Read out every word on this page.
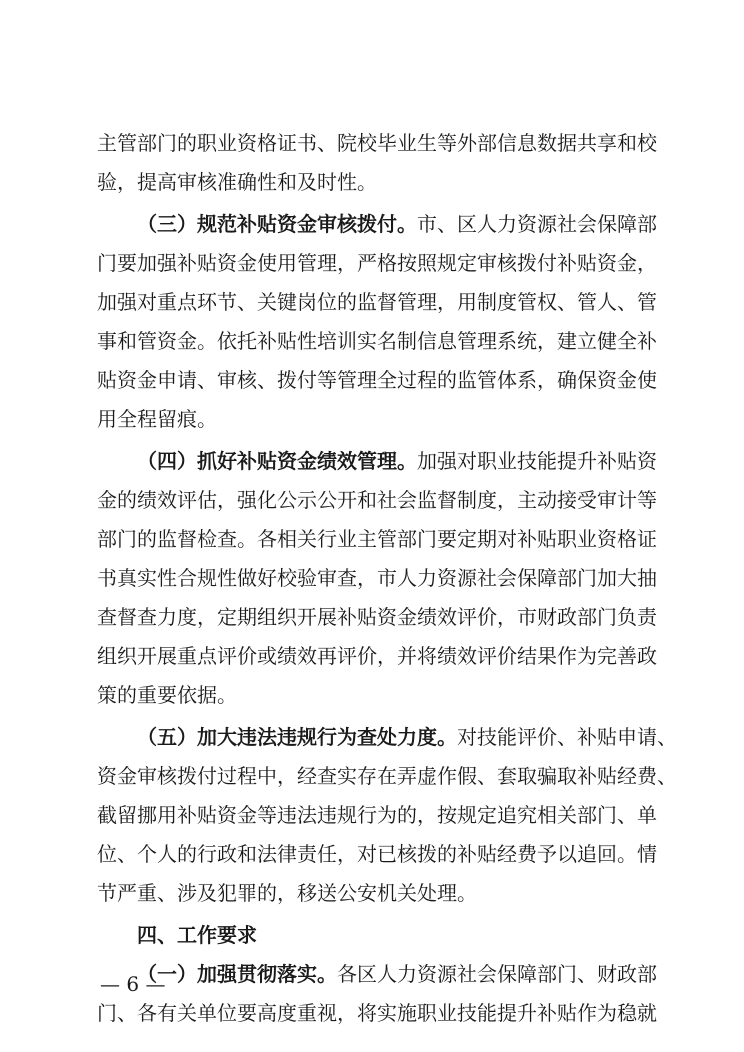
主管部门的职业资格证书、院校毕业生等外部信息数据共享和校
验，提高审核准确性和及时性。
（三）规范补贴资金审核拨付。市、区人力资源社会保障部
门要加强补贴资金使用管理，严格按照规定审核拨付补贴资金，
加强对重点环节、关键岗位的监督管理，用制度管权、管人、管
事和管资金。依托补贴性培训实名制信息管理系统，建立健全补
贴资金申请、审核、拨付等管理全过程的监管体系，确保资金使
用全程留痕。
（四）抓好补贴资金绩效管理。加强对职业技能提升补贴资
金的绩效评估，强化公示公开和社会监督制度，主动接受审计等
部门的监督检查。各相关行业主管部门要定期对补贴职业资格证
书真实性合规性做好校验审查，市人力资源社会保障部门加大抽
查督查力度，定期组织开展补贴资金绩效评价，市财政部门负责
组织开展重点评价或绩效再评价，并将绩效评价结果作为完善政
策的重要依据。
（五）加大违法违规行为查处力度。对技能评价、补贴申请、
资金审核拨付过程中，经查实存在弄虚作假、套取骗取补贴经费、
截留挪用补贴资金等违法违规行为的，按规定追究相关部门、单
位、个人的行政和法律责任，对已核拨的补贴经费予以追回。情
节严重、涉及犯罪的，移送公安机关处理。
四、工作要求
（一）加强贯彻落实。各区人力资源社会保障部门、财政部
门、各有关单位要高度重视，将实施职业技能提升补贴作为稳就
— 6 —
